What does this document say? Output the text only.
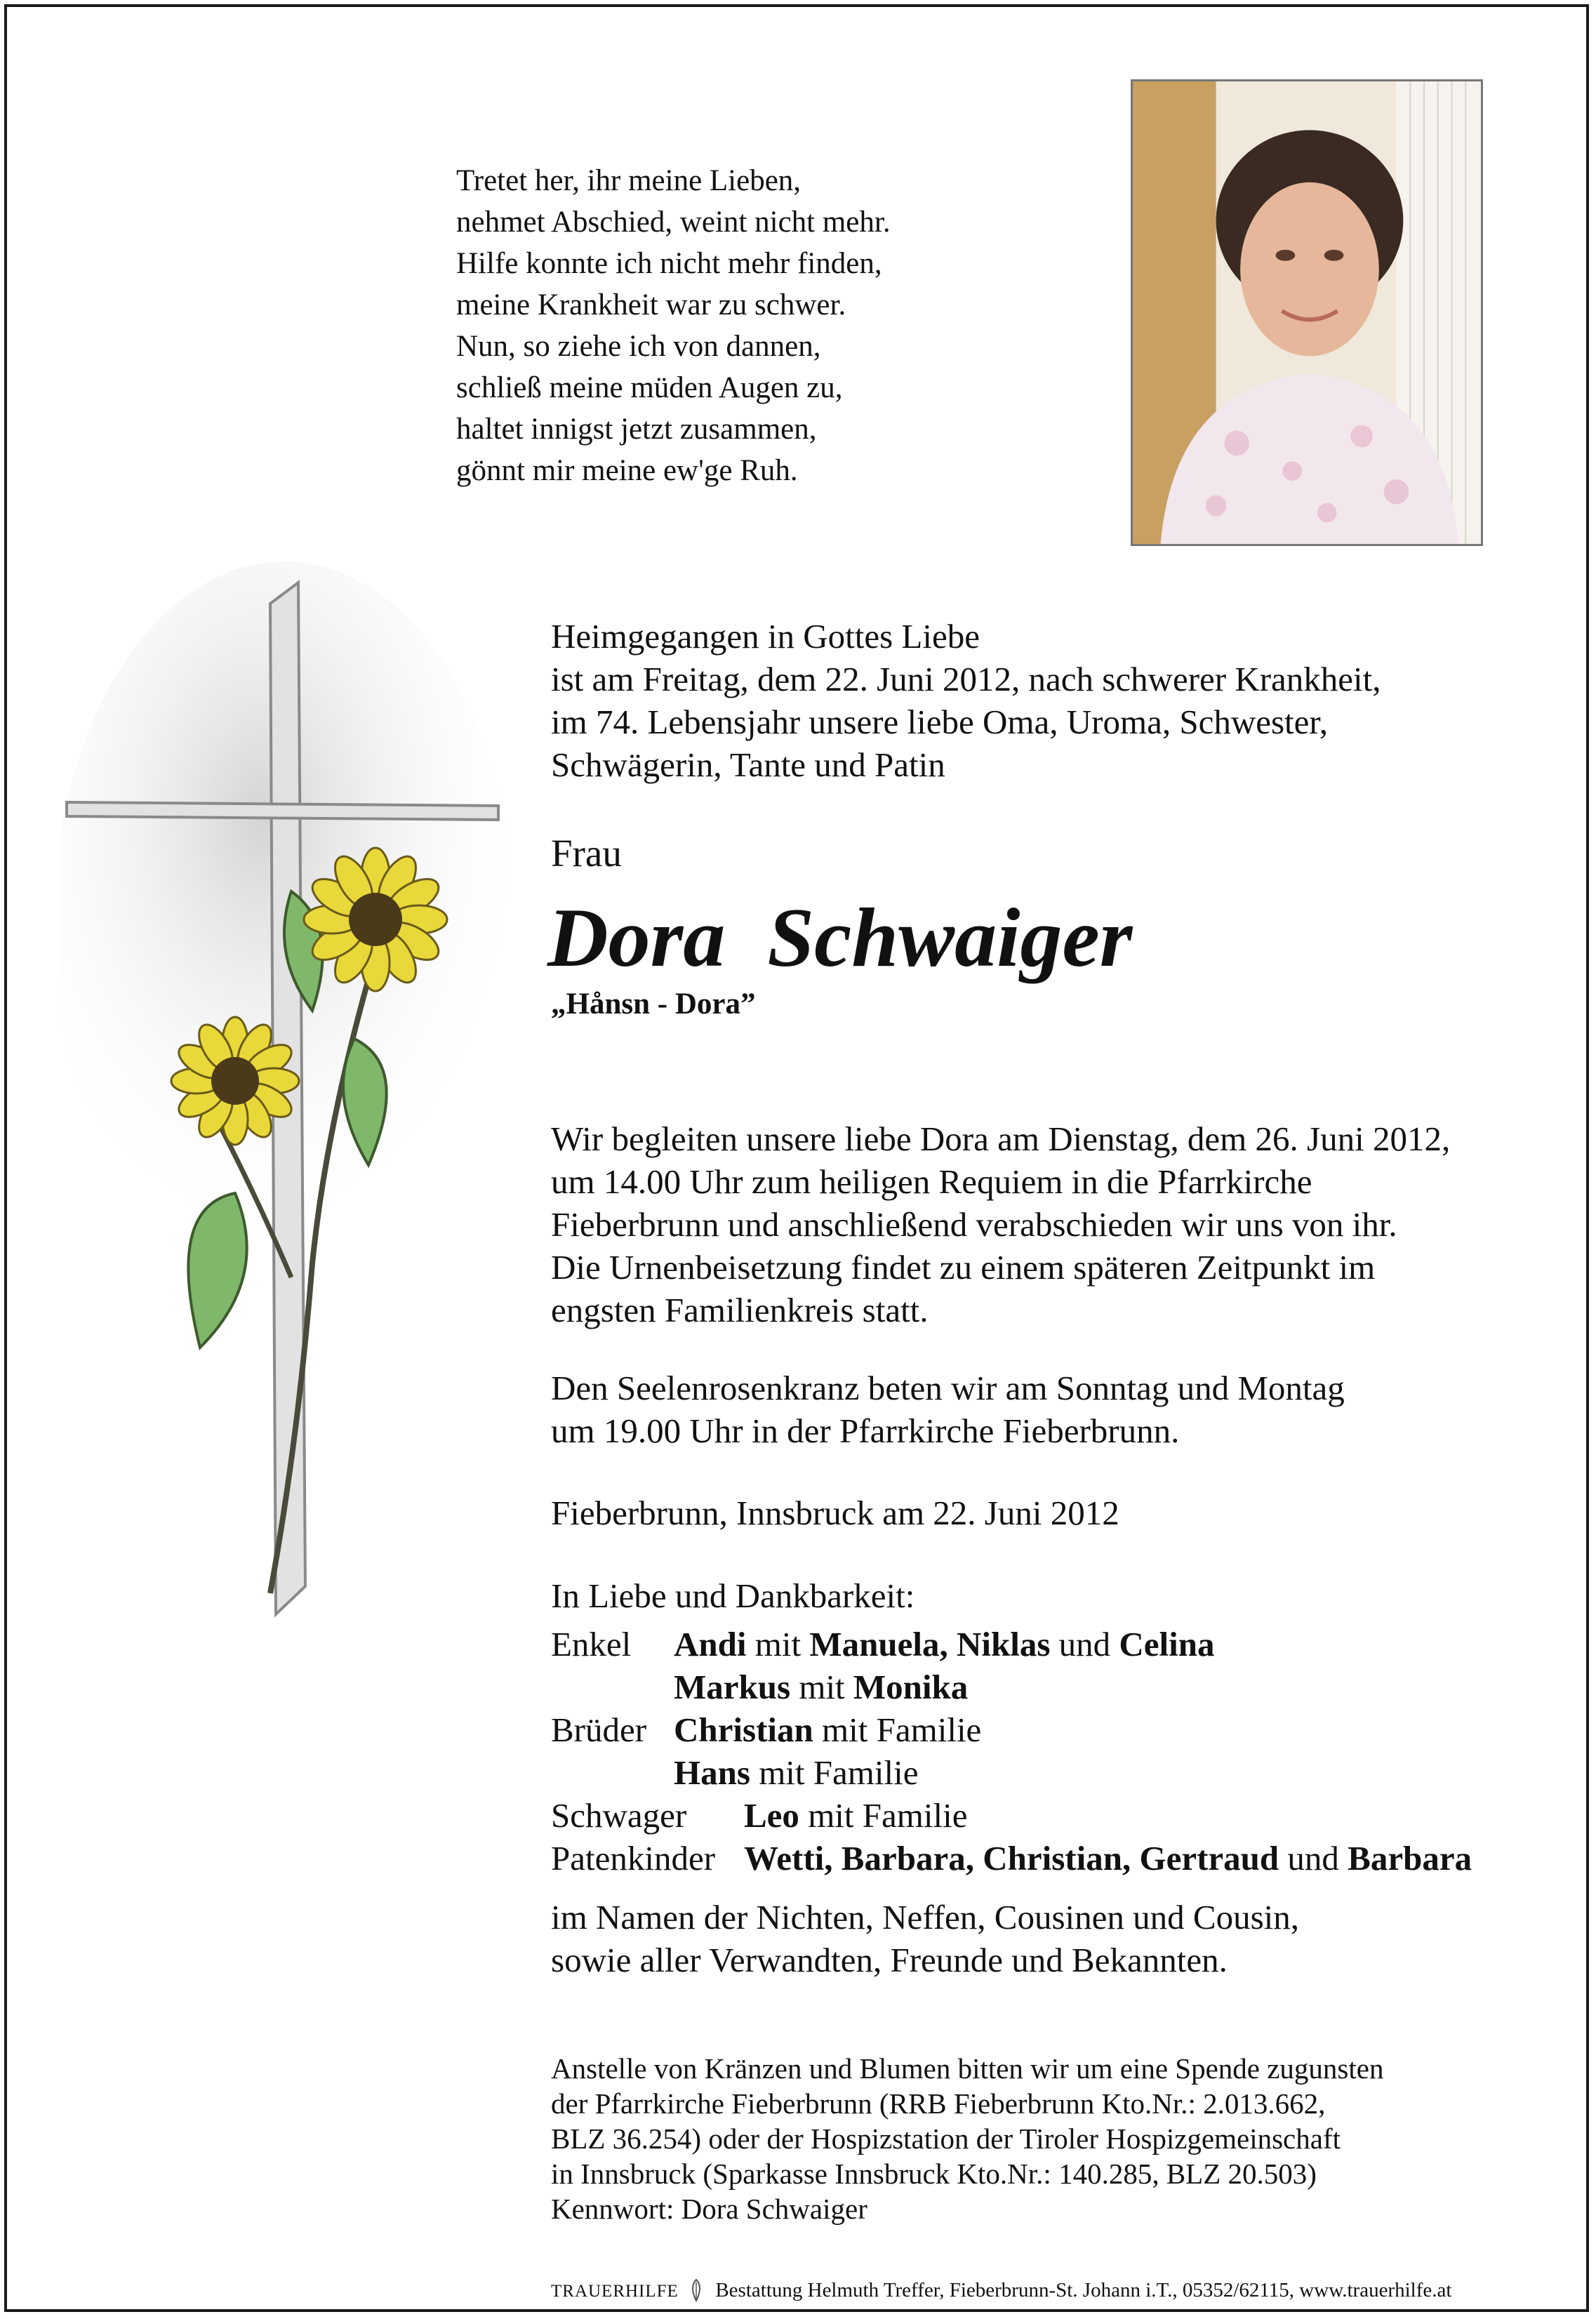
Tretet her, ihr meine Lieben,
nehmet Abschied, weint nicht mehr.
Hilfe konnte ich nicht mehr finden,
meine Krankheit war zu schwer.
Nun, so ziehe ich von dannen,
schließ meine müden Augen zu,
haltet innigst jetzt zusammen,
gönnt mir meine ew'ge Ruh.
Heimgegangen in Gottes Liebe
ist am Freitag, dem 22. Juni 2012, nach schwerer Krankheit,
im 74. Lebensjahr unsere liebe Oma, Uroma, Schwester,
Schwägerin, Tante und Patin
Frau
Dora  Schwaiger
„Hånsn - Dora”
Wir begleiten unsere liebe Dora am Dienstag, dem 26. Juni 2012,
um 14.00 Uhr zum heiligen Requiem in die Pfarrkirche
Fieberbrunn und anschließend verabschieden wir uns von ihr.
Die Urnenbeisetzung findet zu einem späteren Zeitpunkt im
engsten Familienkreis statt.
Den Seelenrosenkranz beten wir am Sonntag und Montag
um 19.00 Uhr in der Pfarrkirche Fieberbrunn.
Fieberbrunn, Innsbruck am 22. Juni 2012
In Liebe und Dankbarkeit:
Enkel Andi mit Manuela, Niklas und Celina
Markus mit Monika
Brüder Christian mit Familie
Hans mit Familie
Schwager Leo mit Familie
Patenkinder Wetti, Barbara, Christian, Gertraud und Barbara
im Namen der Nichten, Neffen, Cousinen und Cousin,
sowie aller Verwandten, Freunde und Bekannten.
Anstelle von Kränzen und Blumen bitten wir um eine Spende zugunsten
der Pfarrkirche Fieberbrunn (RRB Fieberbrunn Kto.Nr.: 2.013.662,
BLZ 36.254) oder der Hospizstation der Tiroler Hospizgemeinschaft
in Innsbruck (Sparkasse Innsbruck Kto.Nr.: 140.285, BLZ 20.503)
Kennwort: Dora Schwaiger
TRAUERHILFE Bestattung Helmuth Treffer, Fieberbrunn-St. Johann i.T., 05352/62115, www.trauerhilfe.at
